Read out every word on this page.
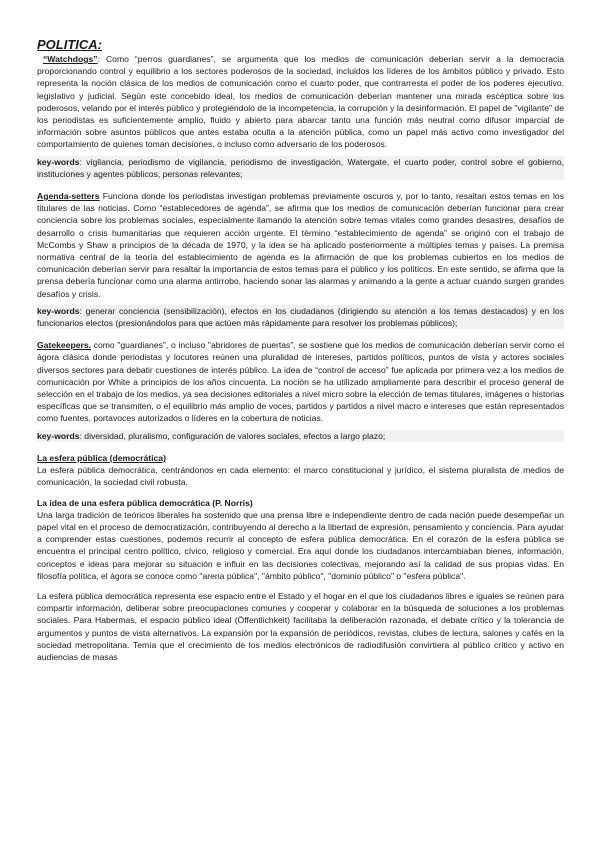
POLITICA:

“Watchdogs”: Como “perros guardianes”, se argumenta que los medios de comunicación deberían servir a la democracia proporcionando control y equilibrio a los sectores poderosos de la sociedad, incluidos los líderes de los ámbitos público y privado. Esto representa la noción clásica de los medios de comunicación como el cuarto poder, que contrarresta el poder de los poderes ejecutivo, legislativo y judicial. Según este concebido ideal, los medios de comunicación deberían mantener una mirada escéptica sobre los poderosos, velando por el interés público y protegiéndolo de la incompetencia, la corrupción y la desinformación. El papel de "vigilante" de los periodistas es suficientemente amplio, fluido y abierto para abarcar tanto una función más neutral como difusor imparcial de información sobre asuntos públicos que antes estaba oculta a la atención pública, como un papel más activo como investigador del comportamiento de quienes toman decisiones, o incluso como adversario de los poderosos.

key-words: vigilancia, periodismo de vigilancia, periodismo de investigación, Watergate, el cuarto poder, control sobre el gobierno, instituciones y agentes públicos, personas relevantes;

Agenda-setters Funciona donde los periodistas investigan problemas previamente oscuros y, por lo tanto, resaltan estos temas en los titulares de las noticias. Como “establecedores de agenda”, se afirma que los medios de comunicación deberían funcionar para crear conciencia sobre los problemas sociales, especialmente llamando la atención sobre temas vitales como grandes desastres, desafíos de desarrollo o crisis humanitarias que requieren acción urgente. El término “establecimiento de agenda” se originó con el trabajo de McCombs y Shaw a principios de la década de 1970, y la idea se ha aplicado posteriormente a múltiples temas y países. La premisa normativa central de la teoría del establecimiento de agenda es la afirmación de que los problemas cubiertos en los medios de comunicación deberían servir para resaltar la importancia de estos temas para el público y los políticos. En este sentido, se afirma que la prensa debería funcionar como una alarma antirrobo, haciendo sonar las alarmas y animando a la gente a actuar cuando surgen grandes desafíos y crisis.

key-words: generar conciencia (sensibilización), efectos en los ciudadanos (dirigiendo su atención a los temas destacados) y en los funcionarios electos (presionándolos para que actúen más rápidamente para resolver los problemas públicos);

Gatekeepers. como "guardianes", o incluso "abridores de puertas", se sostiene que los medios de comunicación deberían servir como el ágora clásica donde periodistas y locutores reúnen una pluralidad de intereses, partidos políticos, puntos de vista y actores sociales diversos sectores para debatir cuestiones de interés público. La idea de “control de acceso” fue aplicada por primera vez a los medios de comunicación por White a principios de los años cincuenta. La noción se ha utilizado ampliamente para describir el proceso general de selección en el trabajo de los medios, ya sea decisiones editoriales a nivel micro sobre la elección de temas titulares, imágenes o historias específicas que se transmiten, o el equilibrio más amplio de voces, partidos y partidos a nivel macro e intereses que están representados como fuentes, portavoces autorizados o líderes en la cobertura de noticias.

key-words: diversidad, pluralismo, configuración de valores sociales, efectos a largo plazo;

La esfera pública (democrática)

La esfera pública democrática, centrándonos en cada elemento: el marco constitucional y jurídico, el sistema pluralista de medios de comunicación, la sociedad civil robusta.

La idea de una esfera pública democrática (P. Norris)

Una larga tradición de teóricos liberales ha sostenido que una prensa libre e independiente dentro de cada nación puede desempeñar un papel vital en el proceso de democratización, contribuyendo al derecho a la libertad de expresión, pensamiento y conciencia. Para ayudar a comprender estas cuestiones, podemos recurrir al concepto de esfera pública democrática. En el corazón de la esfera pública se encuentra el principal centro político, cívico, religioso y comercial. Era aquí donde los ciudadanos intercambiaban bienes, información, conceptos e ideas para mejorar su situación e influir en las decisiones colectivas, mejorando así la calidad de sus propias vidas. En filosofía política, el ágora se conoce como "arena pública", "ámbito público", "dominio público" o "esfera pública".

La esfera pública democrática representa ese espacio entre el Estado y el hogar en el que los ciudadanos libres e iguales se reúnen para compartir información, deliberar sobre preocupaciones comunes y cooperar y colaborar en la búsqueda de soluciones a los problemas sociales. Para Habermas, el espacio público ideal (Öffentlichkeit) facilitaba la deliberación razonada, el debate crítico y la tolerancia de argumentos y puntos de vista alternativos. La expansión por la expansión de periódicos, revistas, clubes de lectura, salones y cafés en la sociedad metropolitana. Temía que el crecimiento de los medios electrónicos de radiodifusión convirtiera al público crítico y activo en audiencias de masas
